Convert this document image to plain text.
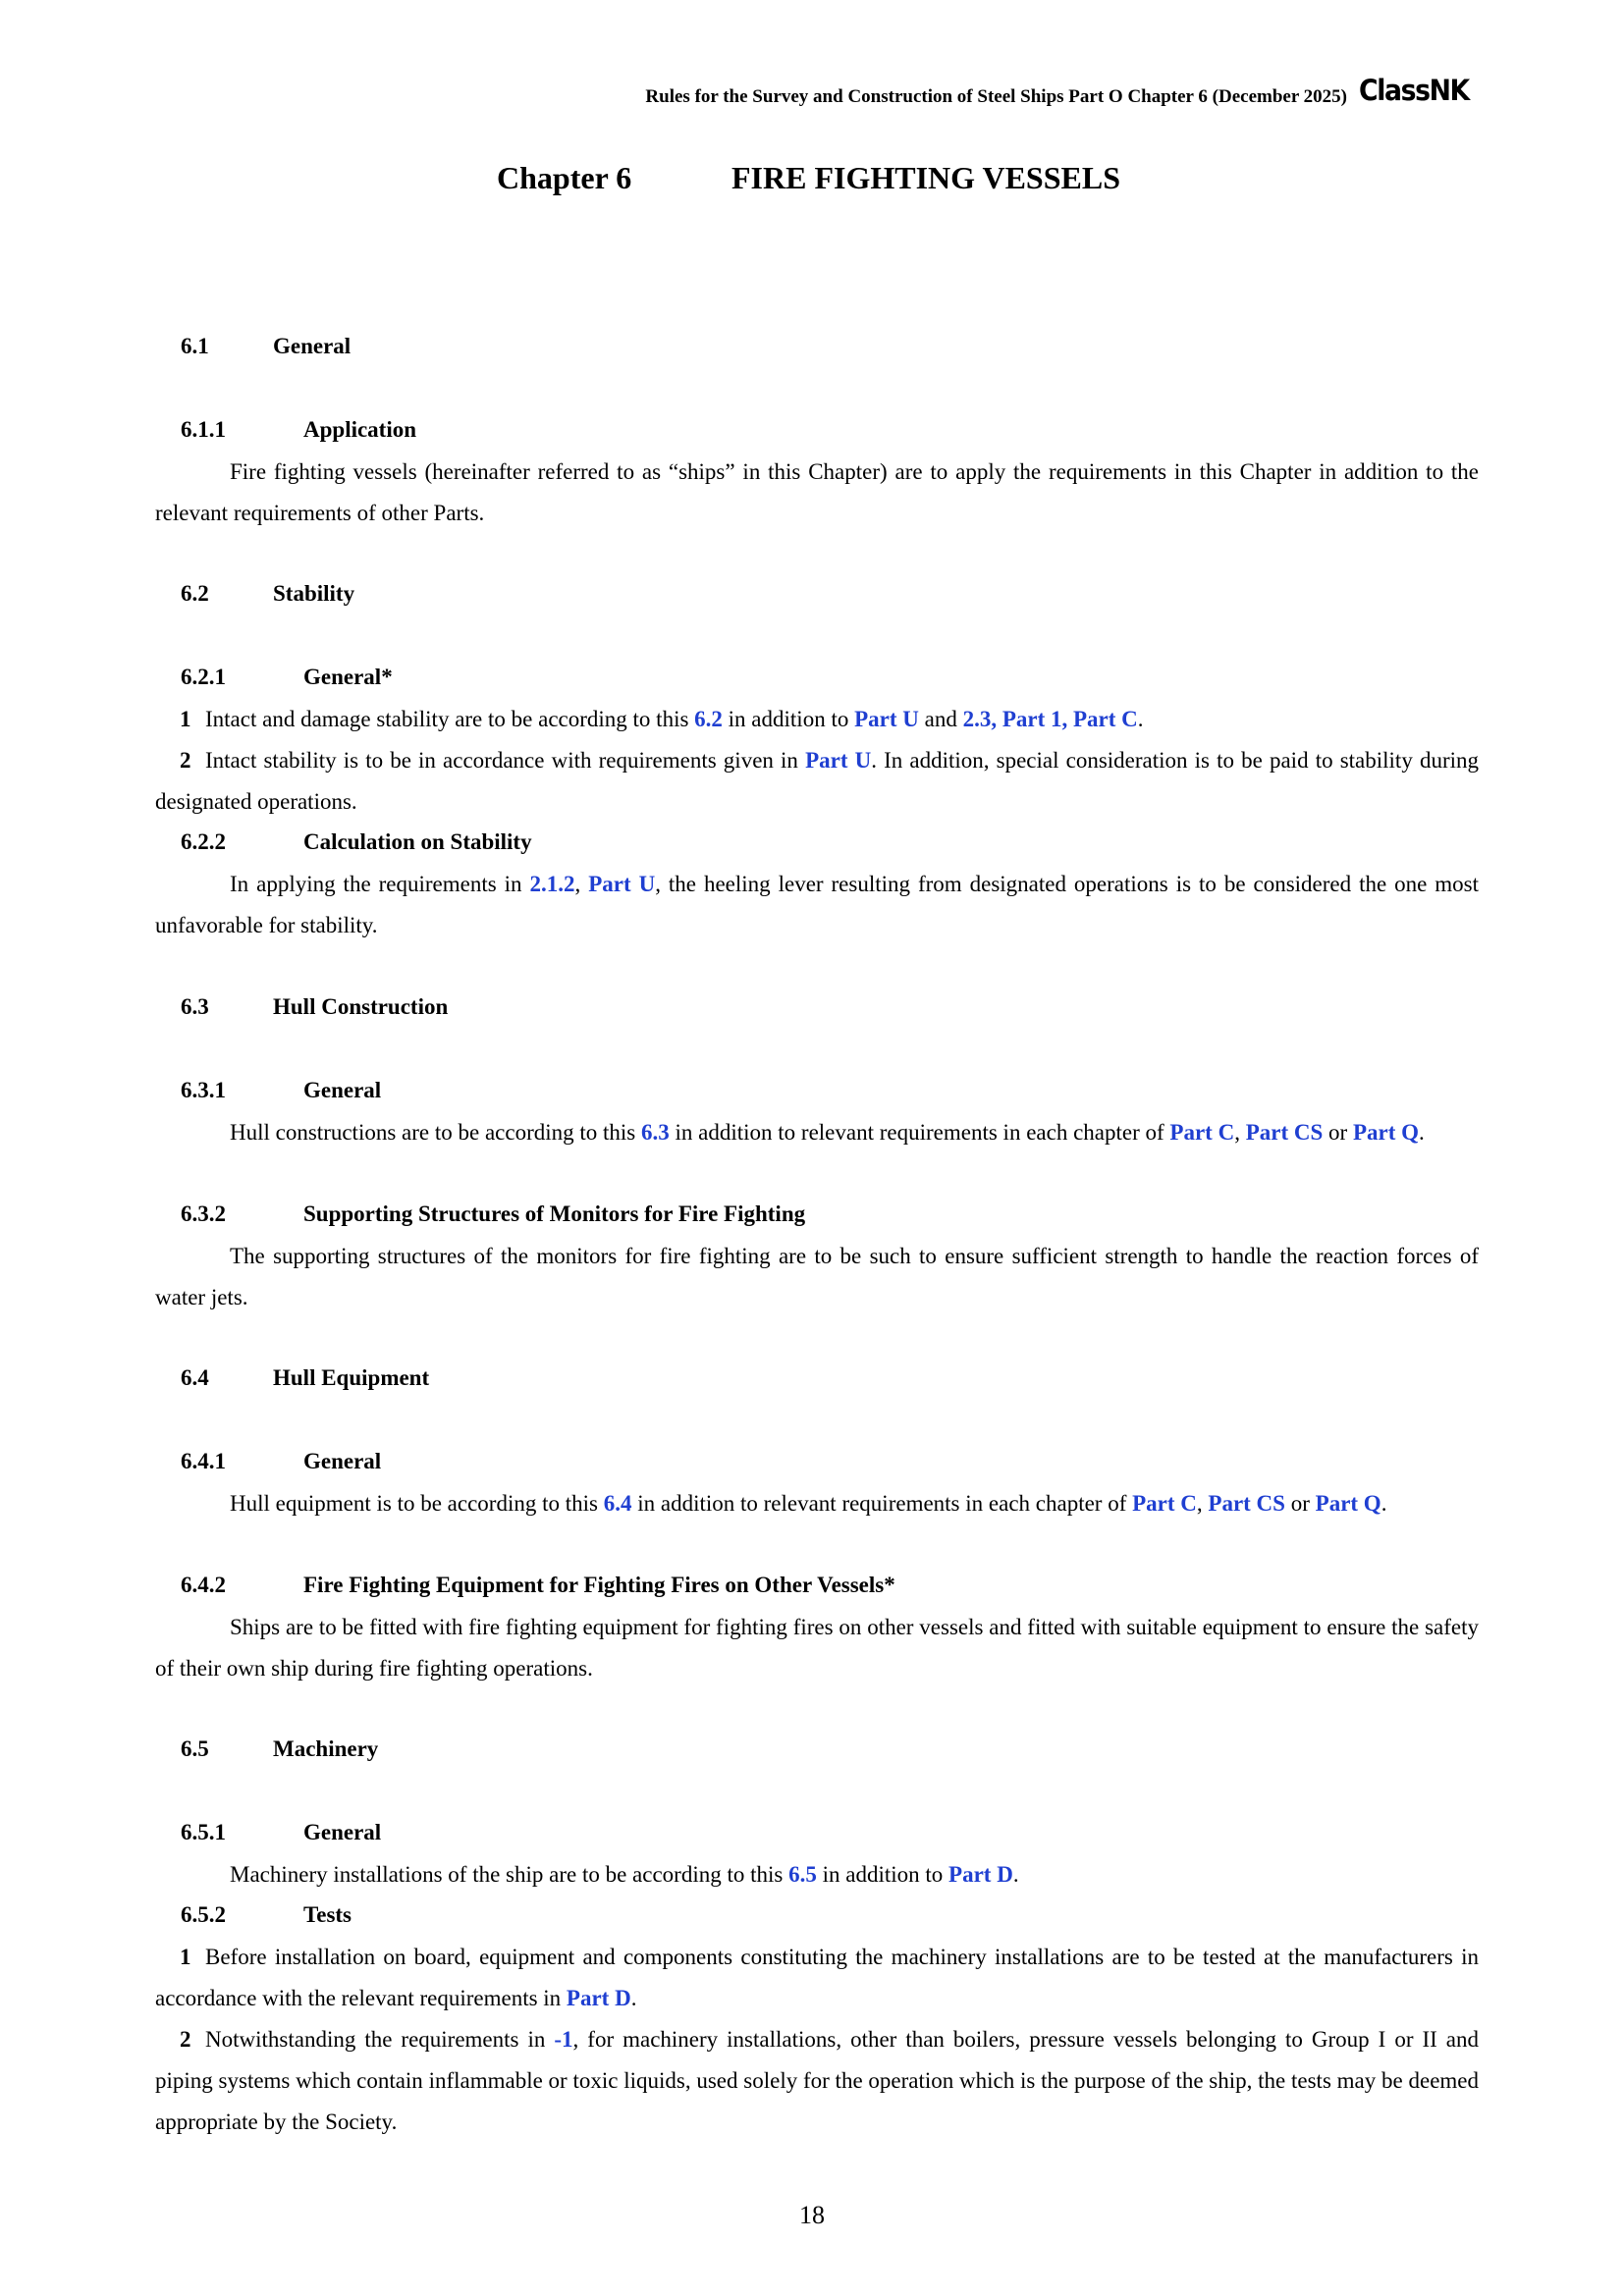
Rules for the Survey and Construction of Steel Ships Part O Chapter 6 (December 2025) ClassNK
Chapter 6	FIRE FIGHTING VESSELS
6.1	General
6.1.1	Application

Fire fighting vessels (hereinafter referred to as “ships” in this Chapter) are to apply the requirements in this Chapter in addition to the relevant requirements of other Parts.

6.2	Stability
6.2.1	General*

1 Intact and damage stability are to be according to this 6.2 in addition to Part U and 2.3, Part 1, Part C.

2 Intact stability is to be in accordance with requirements given in Part U. In addition, special consideration is to be paid to stability during designated operations.

6.2.2	Calculation on Stability

In applying the requirements in 2.1.2, Part U, the heeling lever resulting from designated operations is to be considered the one most unfavorable for stability.

6.3	Hull Construction
6.3.1	General

Hull constructions are to be according to this 6.3 in addition to relevant requirements in each chapter of Part C, Part CS or Part Q.

6.3.2	Supporting Structures of Monitors for Fire Fighting

The supporting structures of the monitors for fire fighting are to be such to ensure sufficient strength to handle the reaction forces of water jets.

6.4	Hull Equipment
6.4.1	General

Hull equipment is to be according to this 6.4 in addition to relevant requirements in each chapter of Part C, Part CS or Part Q.

6.4.2	Fire Fighting Equipment for Fighting Fires on Other Vessels*

Ships are to be fitted with fire fighting equipment for fighting fires on other vessels and fitted with suitable equipment to ensure the safety of their own ship during fire fighting operations.

6.5	Machinery
6.5.1	General

Machinery installations of the ship are to be according to this 6.5 in addition to Part D.

6.5.2	Tests

1 Before installation on board, equipment and components constituting the machinery installations are to be tested at the manufacturers in accordance with the relevant requirements in Part D.

2 Notwithstanding the requirements in -1, for machinery installations, other than boilers, pressure vessels belonging to Group I or II and piping systems which contain inflammable or toxic liquids, used solely for the operation which is the purpose of the ship, the tests may be deemed appropriate by the Society.

18
